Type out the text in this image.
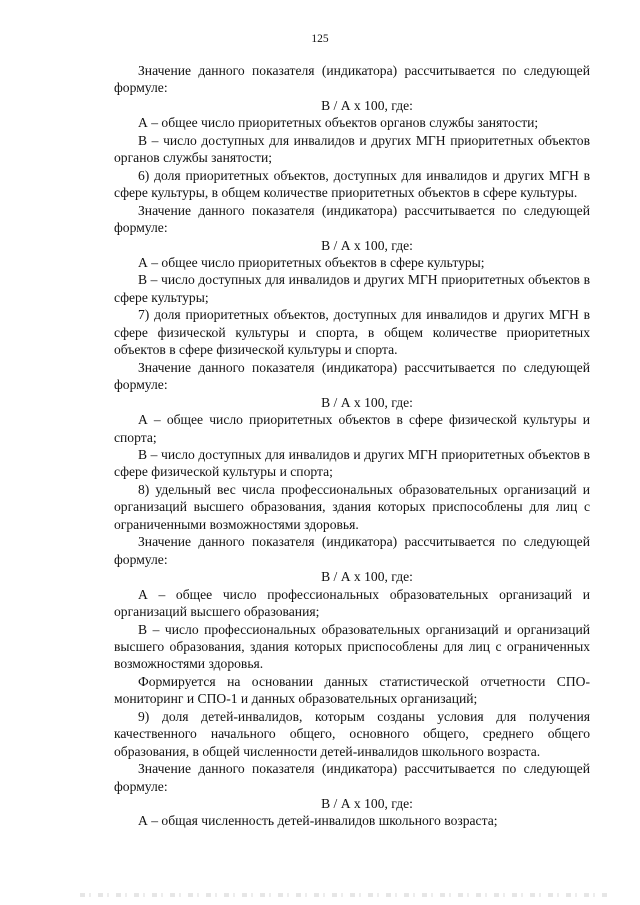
125

Значение данного показателя (индикатора) рассчитывается по следующей формуле:

В / А х 100, где:

А – общее число приоритетных объектов органов службы занятости;

В – число доступных для инвалидов и других МГН приоритетных объектов органов службы занятости;

6) доля приоритетных объектов, доступных для инвалидов и других МГН в сфере культуры, в общем количестве приоритетных объектов в сфере культуры.

Значение данного показателя (индикатора) рассчитывается по следующей формуле:

В / А х 100, где:

А – общее число приоритетных объектов в сфере культуры;

В – число доступных для инвалидов и других МГН приоритетных объектов в сфере культуры;

7) доля приоритетных объектов, доступных для инвалидов и других МГН в сфере физической культуры и спорта, в общем количестве приоритетных объектов в сфере физической культуры и спорта.

Значение данного показателя (индикатора) рассчитывается по следующей формуле:

В / А х 100, где:

А – общее число приоритетных объектов в сфере физической культуры и спорта;

В – число доступных для инвалидов и других МГН приоритетных объектов в сфере физической культуры и спорта;

8) удельный вес числа профессиональных образовательных организаций и организаций высшего образования, здания которых приспособлены для лиц с ограниченными возможностями здоровья.

Значение данного показателя (индикатора) рассчитывается по следующей формуле:

В / А х 100, где:

А – общее число профессиональных образовательных организаций и организаций высшего образования;

В – число профессиональных образовательных организаций и организаций высшего образования, здания которых приспособлены для лиц с ограниченных возможностями здоровья.

Формируется на основании данных статистической отчетности СПО-мониторинг и СПО-1 и данных образовательных организаций;

9) доля детей-инвалидов, которым созданы условия для получения качественного начального общего, основного общего, среднего общего образования, в общей численности детей-инвалидов школьного возраста.

Значение данного показателя (индикатора) рассчитывается по следующей формуле:

В / А х 100, где:

А – общая численность детей-инвалидов школьного возраста;
